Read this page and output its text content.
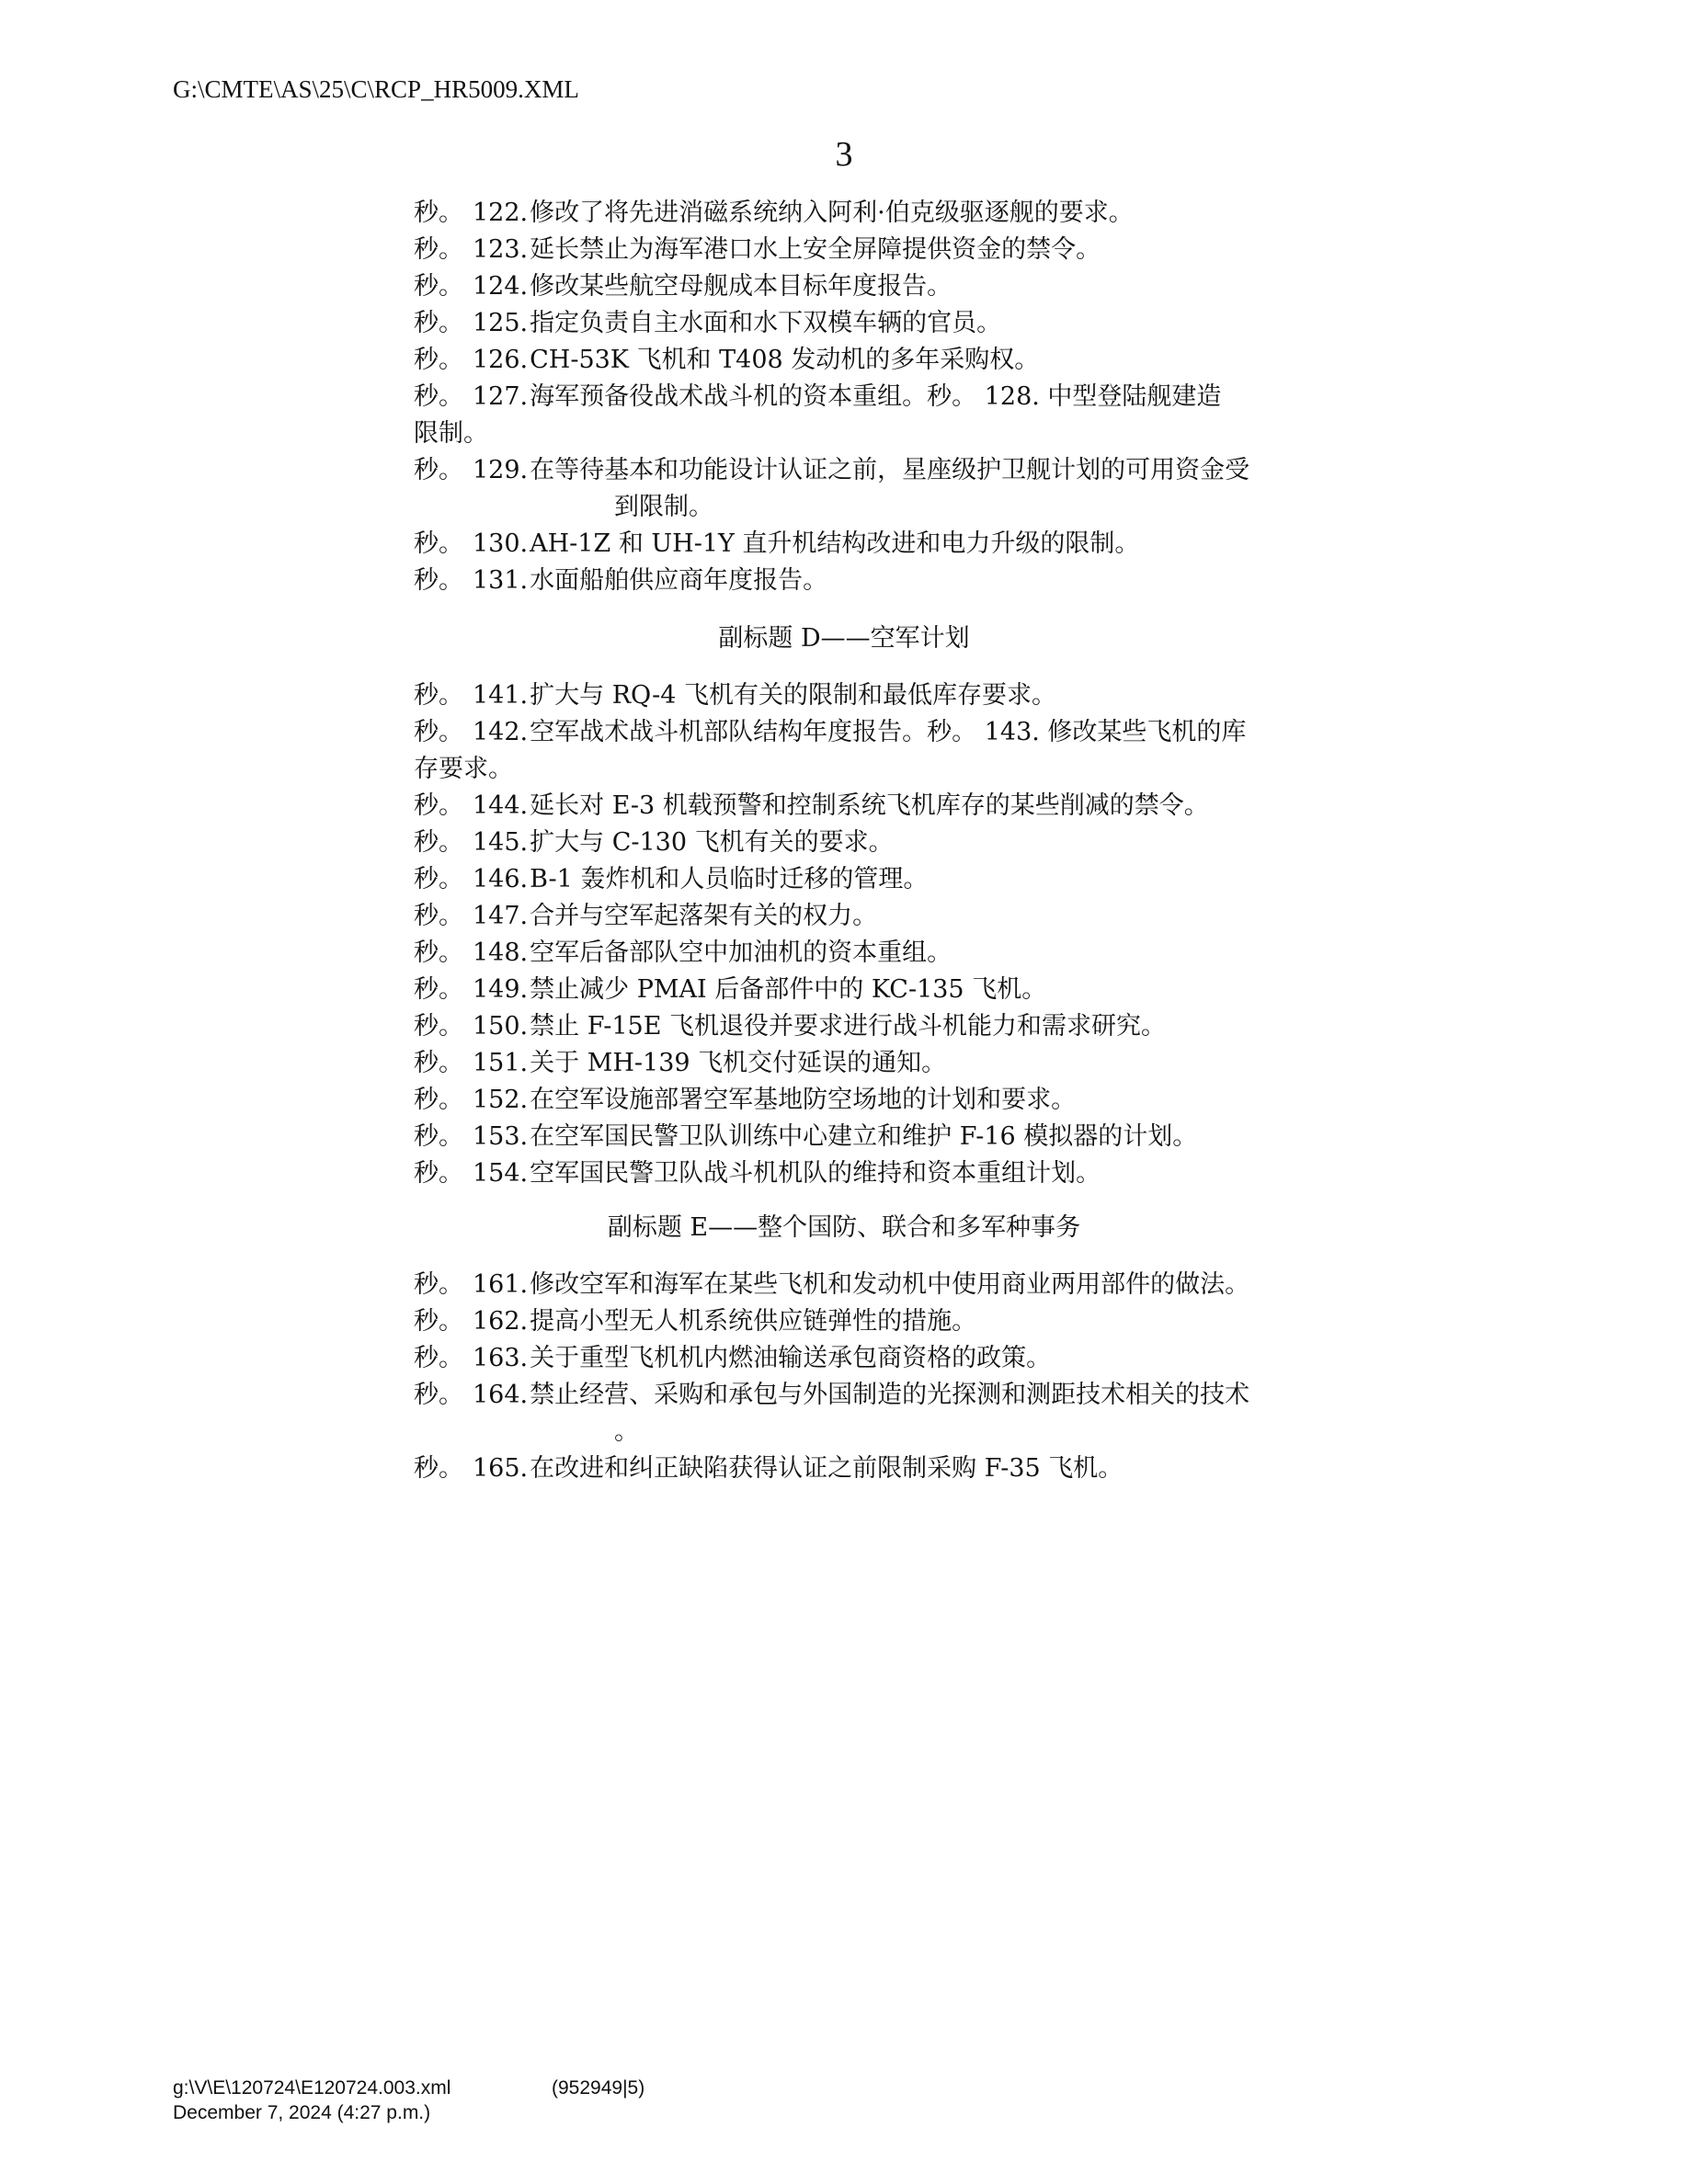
G:\CMTE\AS\25\C\RCP_HR5009.XML
3
秒。 122.修改了将先进消磁系统纳入阿利·伯克级驱逐舰的要求。
秒。 123.延长禁止为海军港口水上安全屏障提供资金的禁令。
秒。 124.修改某些航空母舰成本目标年度报告。
秒。 125.指定负责自主水面和水下双模车辆的官员。
秒。 126.CH-53K 飞机和 T408 发动机的多年采购权。
秒。 127.海军预备役战术战斗机的资本重组。秒。 128. 中型登陆舰建造
限制。
秒。 129.在等待基本和功能设计认证之前，星座级护卫舰计划的可用资金受
到限制。
秒。 130.AH-1Z 和 UH-1Y 直升机结构改进和电力升级的限制。
秒。 131.水面船舶供应商年度报告。
副标题 D——空军计划
秒。 141.扩大与 RQ-4 飞机有关的限制和最低库存要求。
秒。 142.空军战术战斗机部队结构年度报告。秒。 143. 修改某些飞机的库
存要求。
秒。 144.延长对 E-3 机载预警和控制系统飞机库存的某些削减的禁令。
秒。 145.扩大与 C-130 飞机有关的要求。
秒。 146.B-1 轰炸机和人员临时迁移的管理。
秒。 147.合并与空军起落架有关的权力。
秒。 148.空军后备部队空中加油机的资本重组。
秒。 149.禁止减少 PMAI 后备部件中的 KC-135 飞机。
秒。 150.禁止 F-15E 飞机退役并要求进行战斗机能力和需求研究。
秒。 151.关于 MH-139 飞机交付延误的通知。
秒。 152.在空军设施部署空军基地防空场地的计划和要求。
秒。 153.在空军国民警卫队训练中心建立和维护 F-16 模拟器的计划。
秒。 154.空军国民警卫队战斗机机队的维持和资本重组计划。
副标题 E——整个国防、联合和多军种事务
秒。 161.修改空军和海军在某些飞机和发动机中使用商业两用部件的做法。
秒。 162.提高小型无人机系统供应链弹性的措施。
秒。 163.关于重型飞机机内燃油输送承包商资格的政策。
秒。 164.禁止经营、采购和承包与外国制造的光探测和测距技术相关的技术
。
秒。 165.在改进和纠正缺陷获得认证之前限制采购 F-35 飞机。
g:\V\E\120724\E120724.003.xml	(952949|5)
December 7, 2024 (4:27 p.m.)
